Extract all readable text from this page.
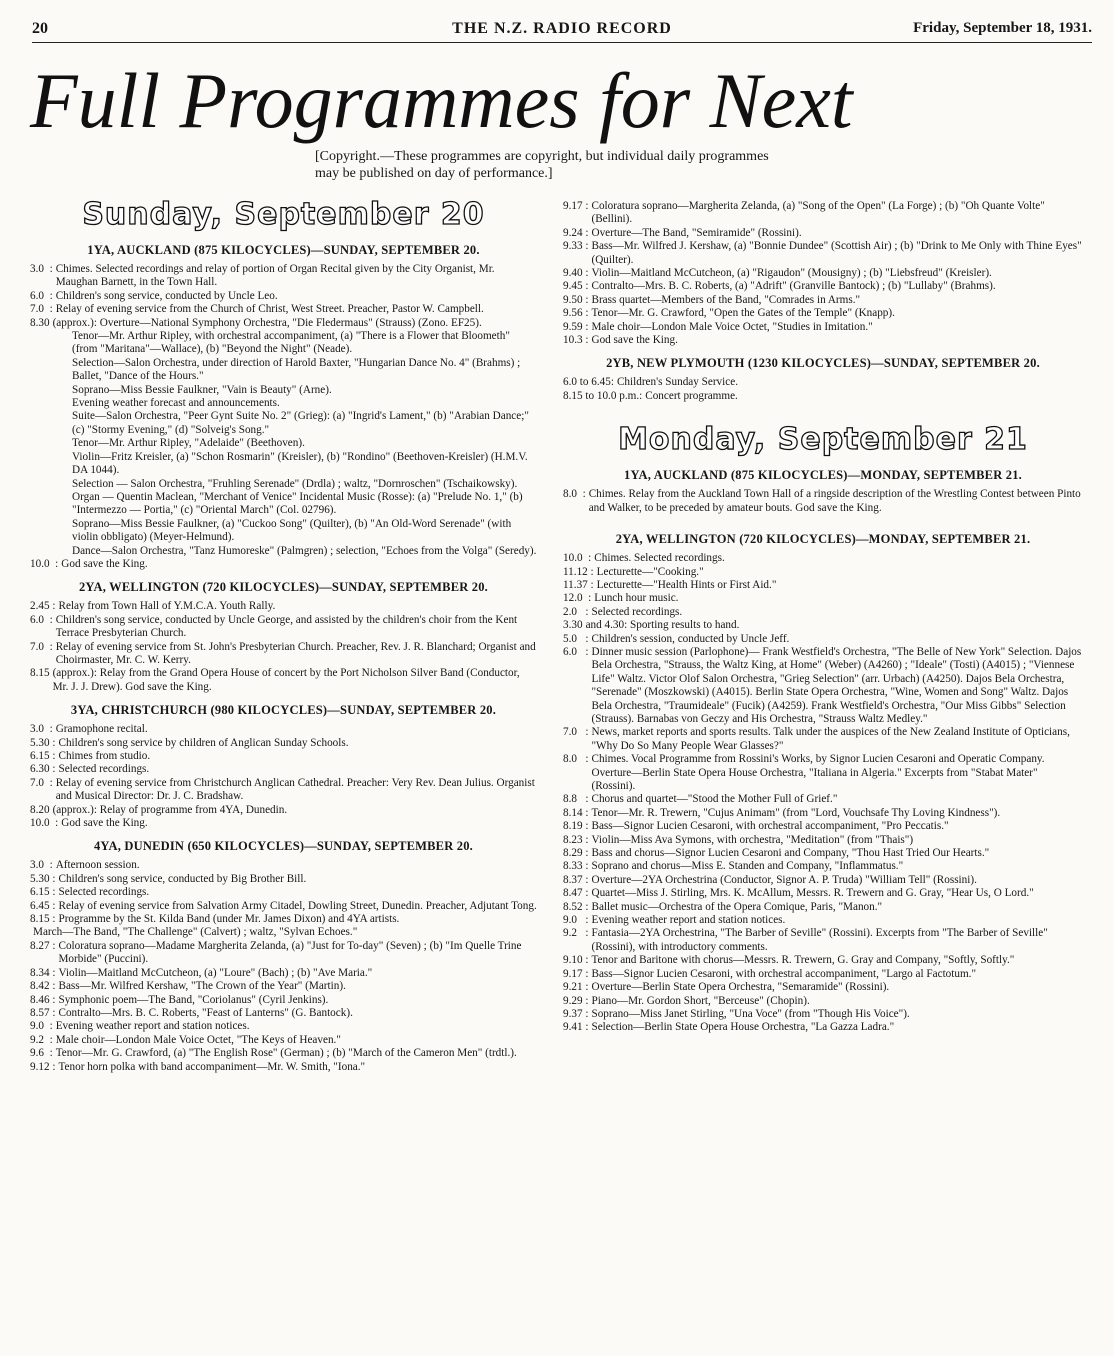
20	THE N.Z. RADIO RECORD	Friday, September 18, 1931.
Full Programmes for Next
[Copyright.—These programmes are copyright, but individual daily programmes may be published on day of performance.]
Sunday, September 20
1YA, AUCKLAND (875 KILOCYCLES)—SUNDAY, SEPTEMBER 20.
3.0  : Chimes. Selected recordings and relay of portion of Organ Recital given by the City Organist, Mr. Maughan Barnett, in the Town Hall.
6.0  : Children's song service, conducted by Uncle Leo.
7.0  : Relay of evening service from the Church of Christ, West Street. Preacher, Pastor W. Campbell.
8.30 (approx.): Overture—National Symphony Orchestra, "Die Fledermaus" (Strauss) (Zono. EF25).
Tenor—Mr. Arthur Ripley, with orchestral accompaniment, (a) "There is a Flower that Bloometh" (from "Maritana"—Wallace), (b) "Beyond the Night" (Neade).
Selection—Salon Orchestra, under direction of Harold Baxter, "Hungarian Dance No. 4" (Brahms) ; Ballet, "Dance of the Hours."
Soprano—Miss Bessie Faulkner, "Vain is Beauty" (Arne).
Evening weather forecast and announcements.
Suite—Salon Orchestra, "Peer Gynt Suite No. 2" (Grieg): (a) "Ingrid's Lament," (b) "Arabian Dance;" (c) "Stormy Evening," (d) "Solveig's Song."
Tenor—Mr. Arthur Ripley, "Adelaide" (Beethoven).
Violin—Fritz Kreisler, (a) "Schon Rosmarin" (Kreisler), (b) "Rondino" (Beethoven-Kreisler) (H.M.V. DA 1044).
Selection — Salon Orchestra, "Fruhling Serenade" (Drdla) ; waltz, "Dornroschen" (Tschaikowsky).
Organ — Quentin Maclean, "Merchant of Venice" Incidental Music (Rosse): (a) "Prelude No. 1," (b) "Intermezzo — Portia," (c) "Oriental March" (Col. 02796).
Soprano—Miss Bessie Faulkner, (a) "Cuckoo Song" (Quilter), (b) "An Old-Word Serenade" (with violin obbligato) (Meyer-Helmund).
Dance—Salon Orchestra, "Tanz Humoreske" (Palmgren) ; selection, "Echoes from the Volga" (Seredy).
10.0  : God save the King.
2YA, WELLINGTON (720 KILOCYCLES)—SUNDAY, SEPTEMBER 20.
2.45 : Relay from Town Hall of Y.M.C.A. Youth Rally.
6.0  : Children's song service, conducted by Uncle George, and assisted by the children's choir from the Kent Terrace Presbyterian Church.
7.0  : Relay of evening service from St. John's Presbyterian Church. Preacher, Rev. J. R. Blanchard; Organist and Choirmaster, Mr. C. W. Kerry.
8.15 (approx.): Relay from the Grand Opera House of concert by the Port Nicholson Silver Band (Conductor, Mr. J. J. Drew). God save the King.
3YA, CHRISTCHURCH (980 KILOCYCLES)—SUNDAY, SEPTEMBER 20.
3.0  : Gramophone recital.
5.30 : Children's song service by children of Anglican Sunday Schools.
6.15 : Chimes from studio.
6.30 : Selected recordings.
7.0  : Relay of evening service from Christchurch Anglican Cathedral. Preacher: Very Rev. Dean Julius. Organist and Musical Director: Dr. J. C. Bradshaw.
8.20 (approx.): Relay of programme from 4YA, Dunedin.
10.0  : God save the King.
4YA, DUNEDIN (650 KILOCYCLES)—SUNDAY, SEPTEMBER 20.
3.0  : Afternoon session.
5.30 : Children's song service, conducted by Big Brother Bill.
6.15 : Selected recordings.
6.45 : Relay of evening service from Salvation Army Citadel, Dowling Street, Dunedin. Preacher, Adjutant Tong.
8.15 : Programme by the St. Kilda Band (under Mr. James Dixon) and 4YA artists.
March—The Band, "The Challenge" (Calvert) ; waltz, "Sylvan Echoes."
8.27 : Coloratura soprano—Madame Margherita Zelanda, (a) "Just for To-day" (Seven) ; (b) "Im Quelle Trine Morbide" (Puccini).
8.34 : Violin—Maitland McCutcheon, (a) "Loure" (Bach) ; (b) "Ave Maria."
8.42 : Bass—Mr. Wilfred Kershaw, "The Crown of the Year" (Martin).
8.46 : Symphonic poem—The Band, "Coriolanus" (Cyril Jenkins).
8.57 : Contralto—Mrs. B. C. Roberts, "Feast of Lanterns" (G. Bantock).
9.0  : Evening weather report and station notices.
9.2  : Male choir—London Male Voice Octet, "The Keys of Heaven."
9.6  : Tenor—Mr. G. Crawford, (a) "The English Rose" (German) ; (b) "March of the Cameron Men" (trdtl.).
9.12 : Tenor horn polka with band accompaniment—Mr. W. Smith, "Iona."
9.17 : Coloratura soprano—Margherita Zelanda, (a) "Song of the Open" (La Forge) ; (b) "Oh Quante Volte" (Bellini).
9.24 : Overture—The Band, "Semiramide" (Rossini).
9.33 : Bass—Mr. Wilfred J. Kershaw, (a) "Bonnie Dundee" (Scottish Air) ; (b) "Drink to Me Only with Thine Eyes" (Quilter).
9.40 : Violin—Maitland McCutcheon, (a) "Rigaudon" (Mousigny) ; (b) "Liebsfreud" (Kreisler).
9.45 : Contralto—Mrs. B. C. Roberts, (a) "Adrift" (Granville Bantock) ; (b) "Lullaby" (Brahms).
9.50 : Brass quartet—Members of the Band, "Comrades in Arms."
9.56 : Tenor—Mr. G. Crawford, "Open the Gates of the Temple" (Knapp).
9.59 : Male choir—London Male Voice Octet, "Studies in Imitation."
10.3 : God save the King.
2YB, NEW PLYMOUTH (1230 KILOCYCLES)—SUNDAY, SEPTEMBER 20.
6.0 to 6.45: Children's Sunday Service.
8.15 to 10.0 p.m.: Concert programme.
Monday, September 21
1YA, AUCKLAND (875 KILOCYCLES)—MONDAY, SEPTEMBER 21.
8.0  : Chimes. Relay from the Auckland Town Hall of a ringside description of the Wrestling Contest between Pinto and Walker, to be preceded by amateur bouts. God save the King.
2YA, WELLINGTON (720 KILOCYCLES)—MONDAY, SEPTEMBER 21.
10.0  : Chimes. Selected recordings.
11.12 : Lecturette—"Cooking."
11.37 : Lecturette—"Health Hints or First Aid."
12.0  : Lunch hour music.
2.0   : Selected recordings.
3.30 and 4.30: Sporting results to hand.
5.0   : Children's session, conducted by Uncle Jeff.
6.0   : Dinner music session (Parlophone)— Frank Westfield's Orchestra, "The Belle of New York" Selection. Dajos Bela Orchestra, "Strauss, the Waltz King, at Home" (Weber) (A4260) ; "Ideale" (Tosti) (A4015) ; "Viennese Life" Waltz. Victor Olof Salon Orchestra, "Grieg Selection" (arr. Urbach) (A4250). Dajos Bela Orchestra, "Serenade" (Moszkowski) (A4015). Berlin State Opera Orchestra, "Wine, Women and Song" Waltz. Dajos Bela Orchestra, "Traumideale" (Fucik) (A4259). Frank Westfield's Orchestra, "Our Miss Gibbs" Selection (Strauss). Barnabas von Geczy and His Orchestra, "Strauss Waltz Medley."
7.0   : News, market reports and sports results. Talk under the auspices of the New Zealand Institute of Opticians, "Why Do So Many People Wear Glasses?"
8.0   : Chimes. Vocal Programme from Rossini's Works, by Signor Lucien Cesaroni and Operatic Company. Overture—Berlin State Opera House Orchestra, "Italiana in Algeria." Excerpts from "Stabat Mater" (Rossini).
8.8   : Chorus and quartet—"Stood the Mother Full of Grief."
8.14 : Tenor—Mr. R. Trewern, "Cujus Animam" (from "Lord, Vouchsafe Thy Loving Kindness").
8.19 : Bass—Signor Lucien Cesaroni, with orchestral accompaniment, "Pro Peccatis."
8.23 : Violin—Miss Ava Symons, with orchestra, "Meditation" (from "Thais")
8.29 : Bass and chorus—Signor Lucien Cesaroni and Company, "Thou Hast Tried Our Hearts."
8.33 : Soprano and chorus—Miss E. Standen and Company, "Inflammatus."
8.37 : Overture—2YA Orchestrina (Conductor, Signor A. P. Truda) "William Tell" (Rossini).
8.47 : Quartet—Miss J. Stirling, Mrs. K. McAllum, Messrs. R. Trewern and G. Gray, "Hear Us, O Lord."
8.52 : Ballet music—Orchestra of the Opera Comique, Paris, "Manon."
9.0   : Evening weather report and station notices.
9.2   : Fantasia—2YA Orchestrina, "The Barber of Seville" (Rossini). Excerpts from "The Barber of Seville" (Rossini), with introductory comments.
9.10 : Tenor and Baritone with chorus—Messrs. R. Trewern, G. Gray and Company, "Softly, Softly."
9.17 : Bass—Signor Lucien Cesaroni, with orchestral accompaniment, "Largo al Factotum."
9.21 : Overture—Berlin State Opera Orchestra, "Semaramide" (Rossini).
9.29 : Piano—Mr. Gordon Short, "Berceuse" (Chopin).
9.37 : Soprano—Miss Janet Stirling, "Una Voce" (from "Though His Voice").
9.41 : Selection—Berlin State Opera House Orchestra, "La Gazza Ladra."
